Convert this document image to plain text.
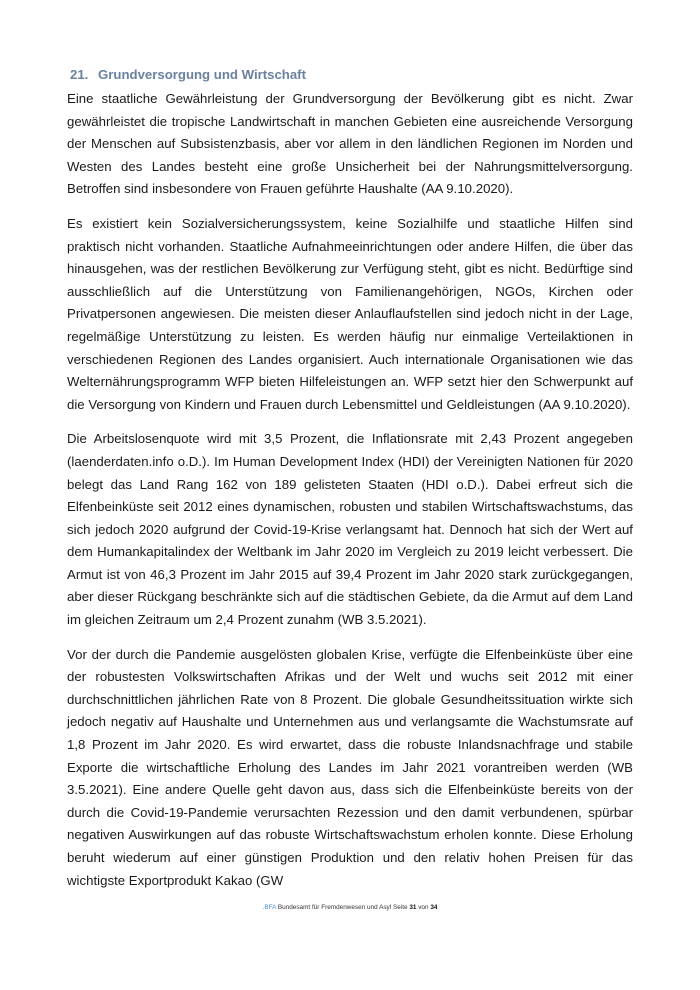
21. Grundversorgung und Wirtschaft

Eine staatliche Gewährleistung der Grundversorgung der Bevölkerung gibt es nicht. Zwar gewährleistet die tropische Landwirtschaft in manchen Gebieten eine ausreichende Versorgung der Menschen auf Subsistenzbasis, aber vor allem in den ländlichen Regionen im Norden und Westen des Landes besteht eine große Unsicherheit bei der Nahrungsmittelversorgung. Betroffen sind insbesondere von Frauen geführte Haushalte (AA 9.10.2020).

Es existiert kein Sozialversicherungssystem, keine Sozialhilfe und staatliche Hilfen sind praktisch nicht vorhanden. Staatliche Aufnahmeeinrichtungen oder andere Hilfen, die über das hinausgehen, was der restlichen Bevölkerung zur Verfügung steht, gibt es nicht. Bedürftige sind ausschließlich auf die Unterstützung von Familienangehörigen, NGOs, Kirchen oder Privatpersonen angewiesen. Die meisten dieser Anlauflaufstellen sind jedoch nicht in der Lage, regelmäßige Unterstützung zu leisten. Es werden häufig nur einmalige Verteilaktionen in verschiedenen Regionen des Landes organisiert. Auch internationale Organisationen wie das Welternährungsprogramm WFP bieten Hilfeleistungen an. WFP setzt hier den Schwerpunkt auf die Versorgung von Kindern und Frauen durch Lebensmittel und Geldleistungen (AA 9.10.2020).

Die Arbeitslosenquote wird mit 3,5 Prozent, die Inflationsrate mit 2,43 Prozent angegeben (laenderdaten.info o.D.). Im Human Development Index (HDI) der Vereinigten Nationen für 2020 belegt das Land Rang 162 von 189 gelisteten Staaten (HDI o.D.). Dabei erfreut sich die Elfenbeinküste seit 2012 eines dynamischen, robusten und stabilen Wirtschaftswachstums, das sich jedoch 2020 aufgrund der Covid-19-Krise verlangsamt hat. Dennoch hat sich der Wert auf dem Humankapitalindex der Weltbank im Jahr 2020 im Vergleich zu 2019 leicht verbessert. Die Armut ist von 46,3 Prozent im Jahr 2015 auf 39,4 Prozent im Jahr 2020 stark zurückgegangen, aber dieser Rückgang beschränkte sich auf die städtischen Gebiete, da die Armut auf dem Land im gleichen Zeitraum um 2,4 Prozent zunahm (WB 3.5.2021).

Vor der durch die Pandemie ausgelösten globalen Krise, verfügte die Elfenbeinküste über eine der robustesten Volkswirtschaften Afrikas und der Welt und wuchs seit 2012 mit einer durchschnittlichen jährlichen Rate von 8 Prozent. Die globale Gesundheitssituation wirkte sich jedoch negativ auf Haushalte und Unternehmen aus und verlangsamte die Wachstumsrate auf 1,8 Prozent im Jahr 2020. Es wird erwartet, dass die robuste Inlandsnachfrage und stabile Exporte die wirtschaftliche Erholung des Landes im Jahr 2021 vorantreiben werden (WB 3.5.2021). Eine andere Quelle geht davon aus, dass sich die Elfenbeinküste bereits von der durch die Covid-19-Pandemie verursachten Rezession und den damit verbundenen, spürbar negativen Auswirkungen auf das robuste Wirtschaftswachstum erholen konnte. Diese Erholung beruht wiederum auf einer günstigen Produktion und den relativ hohen Preisen für das wichtigste Exportprodukt Kakao (GW

.BFA Bundesamt für Fremdenwesen und Asyl Seite 31 von 34
